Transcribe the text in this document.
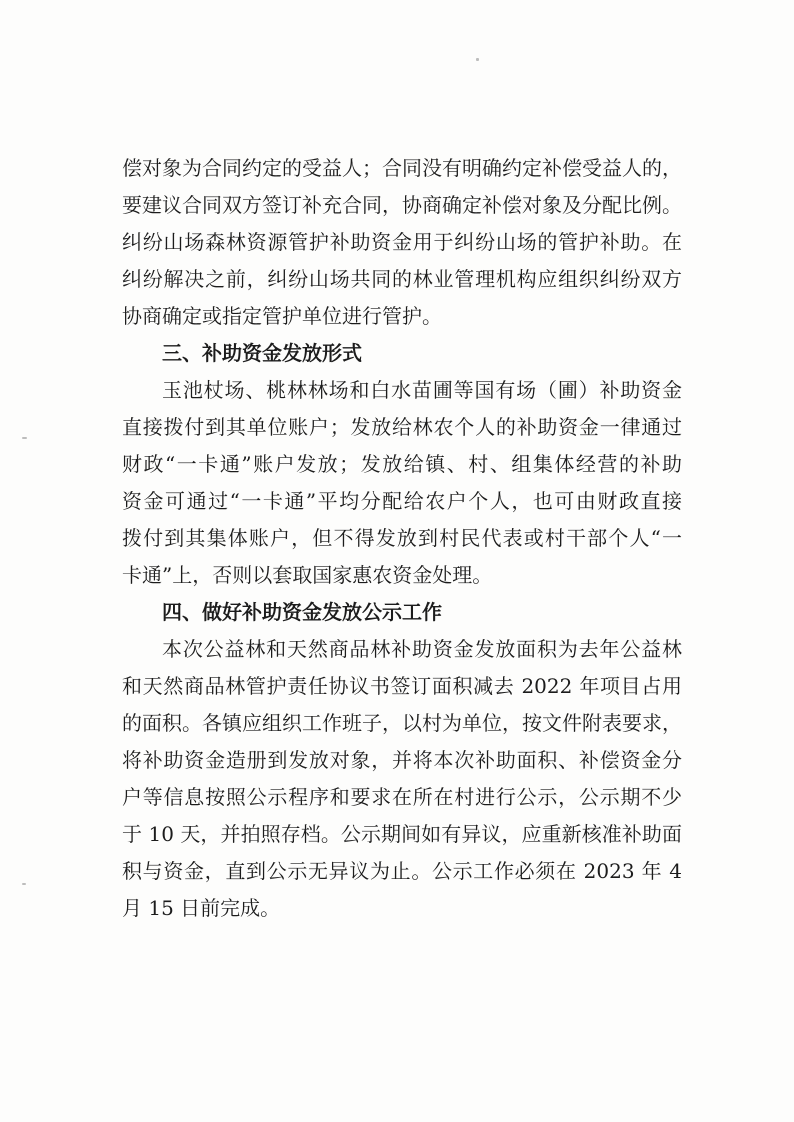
偿对象为合同约定的受益人；合同没有明确约定补偿受益人的，

要建议合同双方签订补充合同，协商确定补偿对象及分配比例。

纠纷山场森林资源管护补助资金用于纠纷山场的管护补助。在

纠纷解决之前，纠纷山场共同的林业管理机构应组织纠纷双方

协商确定或指定管护单位进行管护。

三、补助资金发放形式

玉池杖场、桃林林场和白水苗圃等国有场（圃）补助资金

直接拨付到其单位账户；发放给林农个人的补助资金一律通过

财政“一卡通”账户发放；发放给镇、村、组集体经营的补助

资金可通过“一卡通”平均分配给农户个人，也可由财政直接

拨付到其集体账户，但不得发放到村民代表或村干部个人“一

卡通”上，否则以套取国家惠农资金处理。

四、做好补助资金发放公示工作

本次公益林和天然商品林补助资金发放面积为去年公益林

和天然商品林管护责任协议书签订面积减去 2022 年项目占用

的面积。各镇应组织工作班子，以村为单位，按文件附表要求，

将补助资金造册到发放对象，并将本次补助面积、补偿资金分

户等信息按照公示程序和要求在所在村进行公示，公示期不少

于 10 天，并拍照存档。公示期间如有异议，应重新核准补助面

积与资金，直到公示无异议为止。公示工作必须在 2023 年 4

月 15 日前完成。
